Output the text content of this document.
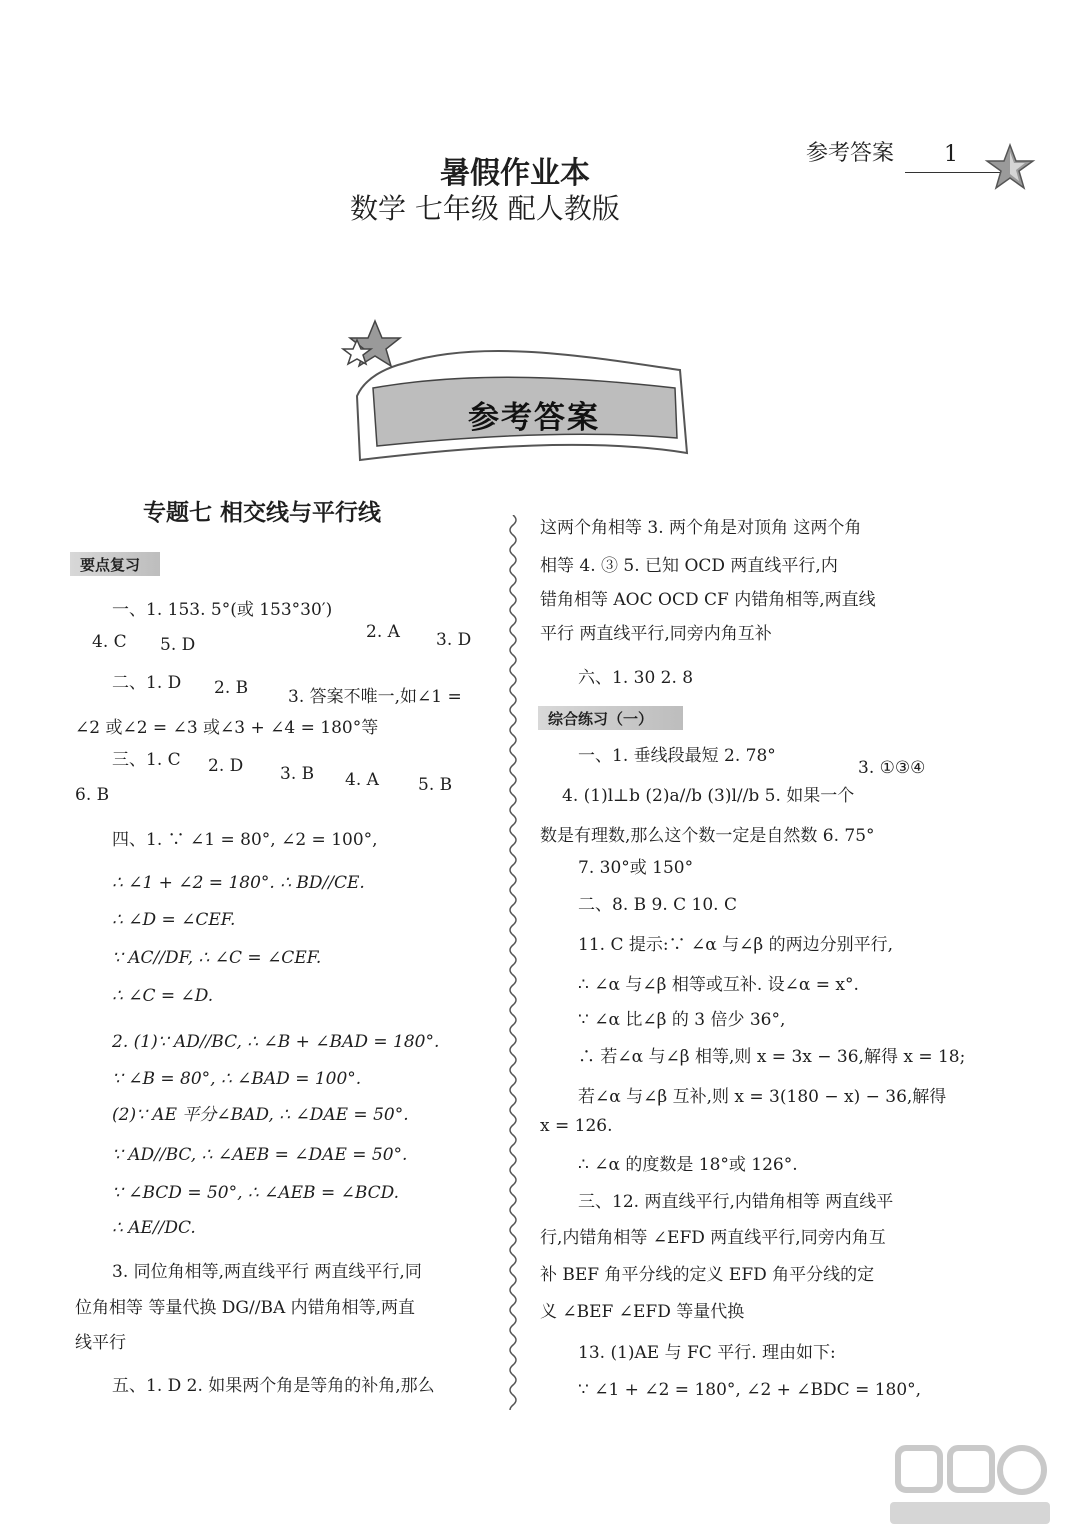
参考答案 1
暑假作业本
数学 七年级 配人教版
参考答案
专题七 相交线与平行线
要点复习
综合练习（一）
一、1. 153. 5°(或 153°30′)
2. A 3. D
4. C 5. D
二、1. D 2. B 3. 答案不唯一,如∠1 =
∠2 或∠2 = ∠3 或∠3 + ∠4 = 180°等
三、1. C 2. D 3. B 4. A 5. B
6. B
四、1. ∵ ∠1 = 80°, ∠2 = 100°,
∴ ∠1 + ∠2 = 180°. ∴ BD//CE.
∴ ∠D = ∠CEF.
∵ AC//DF, ∴ ∠C = ∠CEF.
∴ ∠C = ∠D.
2. (1)∵ AD//BC, ∴ ∠B + ∠BAD = 180°.
∵ ∠B = 80°, ∴ ∠BAD = 100°.
(2)∵ AE 平分∠BAD, ∴ ∠DAE = 50°.
∵ AD//BC, ∴ ∠AEB = ∠DAE = 50°.
∵ ∠BCD = 50°, ∴ ∠AEB = ∠BCD.
∴ AE//DC.
3. 同位角相等,两直线平行 两直线平行,同
位角相等 等量代换 DG//BA 内错角相等,两直
线平行
五、1. D 2. 如果两个角是等角的补角,那么
这两个角相等 3. 两个角是对顶角 这两个角
相等 4. ③ 5. 已知 OCD 两直线平行,内
错角相等 AOC OCD CF 内错角相等,两直线
平行 两直线平行,同旁内角互补
六、1. 30 2. 8
一、1. 垂线段最短 2. 78°
3. ①③④
4. (1)l⊥b (2)a//b (3)l//b 5. 如果一个
数是有理数,那么这个数一定是自然数 6. 75°
7. 30°或 150°
二、8. B 9. C 10. C
11. C 提示:∵ ∠α 与∠β 的两边分别平行,
∴ ∠α 与∠β 相等或互补. 设∠α = x°.
∵ ∠α 比∠β 的 3 倍少 36°,
∴ 若∠α 与∠β 相等,则 x = 3x − 36,解得 x = 18;
若∠α 与∠β 互补,则 x = 3(180 − x) − 36,解得
x = 126.
∴ ∠α 的度数是 18°或 126°.
三、12. 两直线平行,内错角相等 两直线平
行,内错角相等 ∠EFD 两直线平行,同旁内角互
补 BEF 角平分线的定义 EFD 角平分线的定
义 ∠BEF ∠EFD 等量代换
13. (1)AE 与 FC 平行. 理由如下:
∵ ∠1 + ∠2 = 180°, ∠2 + ∠BDC = 180°,
